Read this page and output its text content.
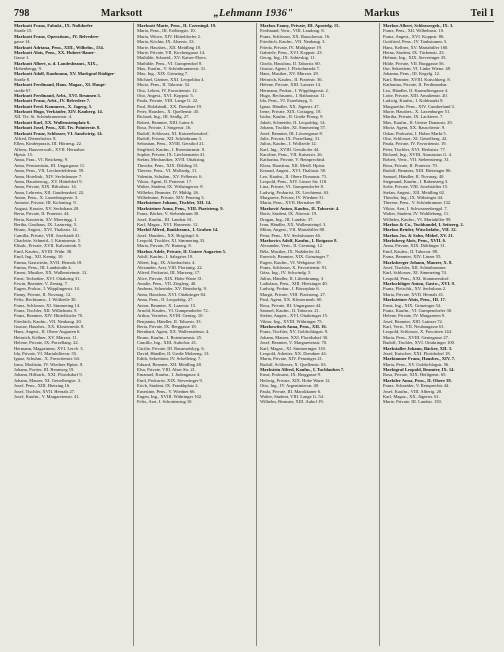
798	Marksott	„Lehmann 1936"	Markus	Teil I
Marksott Franz, Fabukt., IX. Nußdorfer
Straße 15.
Marksott Franz, Operations., IV. Belvedere-
gasse 14.
Marksott Adriana, Pens., XIII., Wilhelm., 154.
Marksott Alois, Pens., XX. Hubert-Bauer-
Gasse 1.
Marksott Albert, u. d. Landesbeamt., XIX.,
Hohenbergg. 9.
Marksott Adolf, Kaufmann, XV. Markgraf Rüdiger-
Straße 8.
Marksott Ferdinand, Haus. Magaz., XI. Haupt-
straße 67.
Marksott Ferdinand, Arbt., XVI. Brunnen 5.
Marksott Franz, Arbt., IV. Belvedere 7.
Marksott Ferd. Kommerz., X. Jagerg. 5.
Marksott Hugo, Verkäufer, XIV. Kauberg. 14.
XII. Tiv. St. Schönbrunnerstr. 4.
Marksott Karl, XX. Wallensteinplatz 6.
Marksott Josef, Pens., XII. Tiv. Pointerstr. 8.
Marksott Franz, Schlosser, VI. Sandwirtg. 14.
Alfred, Dienerhofstr. 8.
Ellen, Kinderpraxis, III. Hörnesg. 22.
Alfons, Hausverwalt., XVII. Hernalser
Hptstr. 15.
Anna, Frau., VI. Brückeng. 9.
Anna, Pensionistin, III. Ungargasse 11.
Anna, Pens., VII. Lerchenfelderstr. 59.
Anna, Hotelinh., XIV. Sechshauser 7.
Anna, Hausbesorg., XV. Hütteldorf 9.
Anna, Private, XIX. Bilrothstr. 14.
Anna, Lehrerin, XII. Gaudenzdorf. 22.
Anton, Pens., X. Laxenburgerstr. 3.
Antonie, Private, III. Kolonitzg. 9.
August, Kassier, XV. Sechshaus 28.
Berta, Private, II. Praterstr. 44.
Berta, Kassierin, XV. Moeringg. 1.
Bertha, Gasthaus, IX. Lazarettg. 5.
Bruno, Angest., XVI. Thaliastr. 14.
Camilla, Private, VIII. Josefstadt 41.
Charlotte, Schneid., I. Kärntnerstr. 5.
Elisab., Private, XVII. Kalvarienb. 9.
Emil, Kaufm., XVIII. Währ. 38.
Emil, Ing., XII. Kemtg. 10.
Emma, Gastwirtin, XVII. Hernals 18.
Emma, Pens., III. Landstraße 4.
Ernest, Musiker, XX. Wallensteinstr. 12.
Ernst, Techniker, XVI. Ottakring 31.
Erwin, Beamter, V. Zentag. 7.
Eugen, Prokur., I. Wipplingerstr. 14.
Fanny, Private, II. Novarag. 12.
Felix, Rechtsanw., I. Wollzeile 30.
Franz, Schlosser, XI. Simmering 14.
Franz, Tischler, XII. Wilhelmstr. 9.
Franz, Beamter, XIV. Hütteldorfer 70.
Friedrich, Kaufm., VII. Neubaug. 20.
Gustav, Hausbes., XX. Klosterneub. 8.
Hans, Angest., II. Obere Augarten 6.
Heinrich, Kellner, XV. Märzstr. 11.
Helene, Private, IX. Porzellang. 22.
Hermann, Magazineur, XVI. Lerch. 3.
Ida, Private, VI. Mariahilferstr. 55.
Ignaz, Schuhm., X. Favoritenstr. 64.
Irma, Modistin, IV. Wiedner Hptstr. 8.
Johann, Portier, III. Rennweg 19.
Johann, Hilfsarb., XXI. Floridsdorf 9.
Johann, Maurer, XI. Geiselbergstr. 3.
Josef, Pens., XIII. Hietzing 16.
Josef, Tischler, XVII. Hernals 27.
Josef, Kaufm., V. Margaretenstr. 41.
Marksott Marie, Pens., II. Czerninpl. 19.
Maria, Pens., III. Erdbergstr. 10.
Maria, Witwe, XIV. Hütteldorfer 2.
Maria, Köchin, IX. Alserstr. 33.
Marie, Hausbes., XII. Meidling 18.
Marie, Private, VII. Kirchengasse 14.
Mathilde, Schneid., XV. Kaiser-Ebers.
Mathilde, Pens., VI. Gumpendorf 8.
Max, Kaufm., V. Schönbrunnerstr. 31.
Max, Ing., XIX. Grinzing 7.
Michael, Gärtner, XXI. Leopoldau 4.
Moriz, Pens., II. Taborstr. 52.
Otto, Lehrer, IV. Favoritenstr. 12.
Otto, Angest., XVI. Koppstr. 5.
Paula, Private, VIII. Lange G. 22.
Paul, Holzhändl., XX. Dresdner 19.
Peter, Hausbes., X. Quellenstr. 45.
Richard, Ing., III. Seidlg. 27.
Robert, Beamter, XIII. Lainz 6.
Rosa, Private, I. Singerstr. 16.
Rudolf, Schlosser, XI. Kaiserebersdorf.
Rudolf, Friseur, XII. Schönbrunn 3.
Sebastian, Pens., XVIII. Gersthof 21.
Siegfried, Kaufm., I. Rotenturmstr. 9.
Sophie, Private, IX. Liechtenstein 41.
Stefan, Mechaniker, XVII. Ottakring.
Theodor, Pens., XIX. Döbling 15.
Therese, Pens., VI. Mollardg. 11.
Valentin, Schuhm., XV. Felberstr. 6.
Viktor, Agent, II. Praterstr. 17.
Walter, Student, IX. Währingerstr. 8.
Wilhelm, Beamter, IV. Mühlg. 26.
Wilhelmine, Private, XIV. Penzing 3.
Marksteiner Johann, Tischler, XII. 14.
Marksteiner Anna, Pens., VIII. Piaristeng. 9.
Franz, Bäcker, V. Siebenbrunn 30.
Josef, Kaufm., III. Landstr. 61.
Karl, Magaz., XVI. Hasnerstr. 12.
Marktl Alfred, Bankbeamt., I. Graben 14.
Josef, Hausbes., XX. Brigittapl. 6.
Leopold, Tischler, XI. Simmering 33.
Maria, Private, IV. Rainerg. 8.
Markus Adele, Private, II. Untere Augarten 5.
Adolf, Kaufm., I. Salzgries 19.
Albert, Ing., IX. Alserbachstr. 4.
Alexander, Arzt, VIII. Florianig. 22.
Alfred, Prokurist, III. Marxerg. 17.
Alice, Private, XIX. Hohe Warte 31.
Amalie, Pens., VII. Zieglerg. 40.
Andreas, Schneider, XV. Reindorfg. 9.
Anna, Hausfrau, XVI. Ottakringer 84.
Anna, Pens., II. Leopoldsg. 27.
Anton, Beamter, X. Laaerstr. 15.
Arnold, Kaufm., VI. Gumpendorfer 72.
Arthur, Vertreter, XVIII. Gentzg. 10.
Benjamin, Händler, II. Taborstr. 33.
Berta, Private, IX. Berggasse 18.
Bernhard, Agent, XX. Wallensteinstr. 4.
Bruno, Kaufm., I. Rotenturmstr. 25.
Camillo, Ing., XIII. Auhofstr. 41.
Cäcilie, Private, III. Rasumofskyg. 6.
David, Händler, II. Große Mohreng. 13.
Edith, Sekretärin, IV. Schelleing. 7.
Eduard, Beamter, XII. Meidling 48.
Elsa, Private, VIII. Alser Str. 21.
Emanuel, Kaufm., I. Judengasse 4.
Emil, Prokurist, XIX. Sieveringer 9.
Erich, Student, IX. Frankhplatz 2.
Ernestine, Pens., V. Wiedner 66.
Eugen, Ing., XVIII. Währinger 102.
Felix, Arzt, I. Schottenring 10.
Markus Fanny, Private, III. Apostelg. 15.
Ferdinand, Vertr., VIII. Laudong. 8.
Franz, Schlosser, XX. Rauscherstr. 16.
Friedrich, Kaufm., VII. Neubaug. 3.
Frieda, Private, IV. Mühlgasse 19.
Gabriele, Pens., XVI. Koppstr. 23.
Georg, Ing., IX. Sobieskig. 11.
Gisela, Hausfrau, II. Taborstr. 60.
Gustav, Agent, I. Fleischmarkt 7.
Hans, Musiker, XV. Märzstr. 29.
Heinrich, Kaufm., II. Praterstr. 36.
Helene, Private, XIII. Lainzer 14.
Hermann, Prokur., I. Wipplingerstr. 2.
Hugo, Rechtsanw., I. Rathausstr. 11.
Ida, Pens., VI. Esterházyg. 5.
Ignaz, Händler, XX. Jägerstr. 47.
Irene, Private, XIX. Cottageg. 18.
Isidor, Kaufm., II. Große Pfarrg. 9.
Jakob, Schneider, II. Leopoldsg. 14.
Johann, Tischler, XI. Simmering 57.
Josef, Beamter, III. Löwengasse 8.
Julie, Private, IX. Porzellang. 31.
Julius, Kaufm., I. Wollzeile 12.
Karl, Ing., XVIII. Gersthofer 44.
Karoline, Pens., VII. Kaiserstr. 26.
Katharina, Private, V. Reinprechtsd.
Klara, Hausfrau, XII. Meidl. Hptstr.
Konrad, Angest., XVI. Thaliastr. 58.
Leo, Kaufm., II. Obere Donaustr. 71.
Leopold, Pens., XIV. Linzer Str. 118.
Lina, Private, VI. Gumpendorfer 8.
Ludwig, Prokurist, IX. Liechtenst. 63.
Margarete, Private, IV. Wiedner 31.
Maria, Pens., XVII. Hernalser 88.
Marković Anton, Kaufm., II. Taborstr. 4.
Boris, Student, IX. Alserstr. 19.
Dragan, Ing., III. Landstr. 37.
Ivan, Händler, XX. Wallensteinpl. 3.
Milan, Angest., VII. Mariahilfer 88.
Petar, Pens., XV. Sechshauser 46.
Markovics Adolf, Kaufm., I. Rotgasse 8.
Alexander, Vertr., II. Czerning. 12.
Béla, Musiker, IX. Nußdorfer 24.
Emerich, Beamter, XIX. Grinzinger 7.
Eugen, Kaufm., VI. Webgasse 19.
Franz, Schlosser, X. Favoritenstr. 91.
Géza, Ing., IV. Schwindg. 5.
Julius, Händler, II. Lilienbrunng. 3.
Ladislaus, Pens., XIII. Hietzinger 40.
Ludwig, Prokur., I. Börseplatz 6.
Margit, Private, VIII. Piaristeng. 27.
Paul, Agent, XX. Klosterneub. 60.
Rosa, Private, III. Ungargasse 44.
Samuel, Kaufm., II. Taborstr. 21.
Stefan, Angest., XVI. Ottakringer 15.
Viktor, Ing., XVIII. Währinger 75.
Markowitsch Anna, Pens., XII. 16.
Franz, Tischler, XV. Goldschlagstr. 9.
Johann, Maurer, XXI. Floridsdorf 30.
Josef, Beamter, V. Margaretenstr. 70.
Karl, Magaz., XI. Simmeringer 118.
Leopold, Arbeiter, XX. Dresdner 44.
Maria, Private, XIV. Penzinger 21.
Rudolf, Schlosser, X. Quellenstr. 63.
Markstein Alfred, Kaufm., I. Tuchlauben 7.
Ernst, Prokurist, IX. Berggasse 9.
Hedwig, Private, XIX. Hohe Warte 12.
Otto, Ing., IV. Argentinierstr. 40.
Paula, Private, III. Marokkaner 6.
Walter, Student, VIII. Lange G. 54.
Wilhelm, Beamter, XIII. Auhof 19.
Markus Albert, Schlossergeh., IX. 3.
Franz, Pens., XII. Wilhelmstr. 10.
Franz, Angest., XVI. Koppstr. 86.
Gottfried, Pens., IV. Taubstumm. 5.
Hans, Kellner, XV. Mariahilfer 160.
Heinz, Student, IX. Türkenstr. 23.
Helmut, Ing., XIX. Sieveringer 35.
Hilde, Private, VII. Burggasse 56.
Ilse, Sekretärin, VI. Linke Wienz. 48.
Johanna, Pens., III. Kegelg. 12.
Karl, Beamter, XVIII. Kutschkerg. 8.
Katharina, Private, II. Ferdinandstr.
Leo, Händler, II. Karmelitergasse 4.
Lotte, Private, XIII. Amalienstr. 20.
Ludwig, Kaufm., I. Kohlmarkt 8.
Margarethe, Pens., XIV. Cumberland 3.
Marie, Hausbes., X. Laxenburger 51.
Martha, Private, IX. Lackierer. 7.
Max, Kaufm., II. Untere Donaustr. 29.
Moriz, Agent, XX. Rauscherstr. 9.
Oskar, Prokurist, I. Hoher Markt 5.
Otto, Schlosser, XI. Geiselberg. 42.
Paula, Private, IV. Favoritenstr. 19.
Peter, Tischler, XVI. Herbststr. 77.
Richard, Ing., XVIII. Anastasius G. 4.
Robert, Vertr., VII. Siebensterng. 31.
Rosa, Private, II. Praterstr. 70.
Rudolf, Beamter, XIII. Hietzinger 86.
Samuel, Händler, II. Novarag. 40.
Siegmund, Kaufm., I. Rabensteig 3.
Sofie, Private, VIII. Josefstädter 15.
Stefan, Angest., XII. Meidling 62.
Theodor, Ing., IX. Währinger 44.
Therese, Pens., V. Schönbrunner 132.
Viktor, Arzt, I. Schwarzenbergpl. 7.
Walter, Student, IV. Wohllebeng. 11.
Wilhelm, Kaufm., VI. Mariahilfer 99.
Markus & Co., Tuchhandel, I. Seitzerg. 2.
Markus Brüder, Wäschefabr., VII. 12.
Markus Jos. & Sohn, Möbel, XV. 21.
Marksberg Alois, Pens., XVII. 6.
Anna, Private, XIX. Döblinger 31.
Emil, Kaufm., II. Taborstr. 88.
Franz, Beamter, XIV. Linzer 55.
Marksberger Johann, Maurer, X. 8.
Josef, Tischler, XII. Schönbrunner.
Karl, Schlosser, XI. Simmering 74.
Leopold, Pens., XXI. Stammersdorf.
Markschläger Anton, Gastw., XVI. 9.
Franz, Fleischh., XV. Sechshaus 2.
Maria, Private, XVII. Hernals 41.
Marksteiner Alois, Pens., III. 17.
Ernst, Ing., XIX. Grinzinger 54.
Franz, Kaufm., VI. Gumpendorfer 30.
Helene, Private, IV. Margareten 9.
Josef, Beamter, XIII. Lainzer 72.
Karl, Vertr., VII. Neubaugasse 61.
Leopold, Schlosser, X. Favoriten 144.
Maria, Pens., XVIII. Gentzgasse 27.
Rudolf, Tischler, XVI. Ottakringer 100.
Markstaller Johann, Bäcker, XII. 3.
Josef, Kutscher, XXI. Floridsdorf 18.
Marktanner Franz, Hausbes., XIV. 7.
Maria, Pens., XV. Goldschlagstr. 56.
Marktgraf Leopold, Beamter, IX. 14.
Rosa, Private, XIX. Heiligenst. 65.
Marktler Anna, Pens., II. Obere 39.
Franz, Schneider, V. Reinprechts 44.
Josef, Kaufm., VIII. Albertg. 20.
Karl, Magaz., XX. Jägerstr. 61.
Marie, Private, III. Landstr. 150.
